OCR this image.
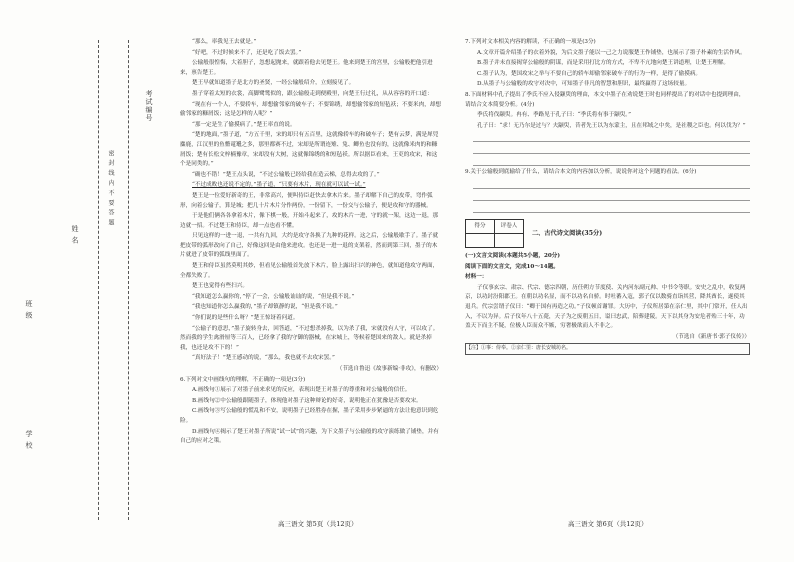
学 校
班 级
姓 名
考试编号
密 封 线 内 不 要 答 题

“那么，率我见王去就是。”

“好吧，不过时候来不了，还是吃了饭去罢。”

公输般很惶悔，大着胆子，忽想起抛来，就跟着他去见楚王。他来到楚王的宫里，公输般把他引进来，禀告楚王。

楚王早就知道墨子是北方的圣贤，一经公输般绍介，立刻接见了。

墨子穿着太短的衣裳，高脚鹭鸶似的，跟公输般走到便殿里，向楚王行过礼，从从容容的开口道：

“现在有一个人，不要轿车，却想偷邻家的破车子；不要锦绣，却想偷邻家的短毡袄；不要米肉，却想偷邻家的糠屑饭；这是怎样的人呢？”

“那一定是生了偷摸病了。”楚王率直的说。

“楚的地面，”墨子道，“方五千里，宋的却只有五百里，这就像轿车的和破车子；楚有云梦，满是犀兕麋鹿，江汉里的鱼鳖鼋鼍之多，那里都赛不过，宋却是所谓连雉、兔、鲫鱼也没有的，这就像米肉的和糠屑饭；楚有长松文梓楠豫章，宋却没有大树，这就像锦绣的和短毡袄。所以据臣看来，王吏的攻宋，和这个是同类的。”

“确也不错！”楚王点头说，“不过公输般已经给我在造云梯，总得去攻的了。”

“不过成败也还说不定的。”墨子道，“只要有木片，现在就可以试一试。”

楚王是一位爱好新奇的王，非常高兴，便叫侍臣赶快去拿木片来。墨子却解下自己的皮带，弯作弧形，向着公输子，算是城；把几十片木片分作两份，一份留下，一份交与公输子，便是攻和守的器械。

于是他们俩各各拿着木片，像下棋一般，开始斗起来了，攻的木片一进，守的就一架，这边一退，那边就一招。不过楚王和侍臣，却一点也看不懂。

只见这样的一进一退，一共有九回，大约是攻守各换了九种的花样。这之后，公输般歇手了。墨子就把皮带的弧形改向了自己，好像这回是由他来进攻。也还是一进一退的支架着，然而到第三回，墨子的木片就进了皮带的弧线里面了。

楚王和侍臣虽然莫明其妙，但看见公输般首先放下木片，脸上露出扫兴的神色，就知道他攻守两面，全都失败了。

楚王也觉得有些扫兴。

“我知道怎么赢你的，”停了一会，公输般讪讪的说，“但是我不说。”

“我也知道你怎么赢我的，”墨子却镇静的说，“但是我不说。”

“你们说的是些什么呀？”楚王惊讶着问道。

“公输子的意思，”墨子旋转身去，回答道，“不过想杀掉我，以为杀了我，宋就没有人守，可以攻了。然而我的学生禽滑厘等三百人，已经拿了我的守御的器械，在宋城上，等候着楚国来的敌人。就是杀掉我，也还是攻不下的！”

“真好法子！”楚王感动的说，“那么，我也就不去攻宋罢。”

（节选自鲁迅《故事新编·非攻》，有删改）

6.下列对文中画线句的理解，不正确的一项是(3分)

A.画线句①展示了对墨子前来求见的反应，表现出楚王对墨子的尊重和对公输般的信任。

B.画线句②中公输般跟随墨子，体现他对墨子这种辩论的好奇，说明他正在犹豫是否要攻宋。

C.画线句③写公输般的慌乱和不安，说明墨子已经胜券在握，墨子采用步步紧逼的方法让他意识到危险。

D.画线句④揭示了楚王对墨子所说“试一试”的兴趣，为下文墨子与公输般的攻守演练做了铺垫，并有自己的应对之策。

7.下列对文本相关内容的解读，不正确的一项是(3分)

A.文章开篇介绍墨子的衣着外貌，为后文墨子能以一己之力说服楚王作铺垫，也展示了墨子朴素的生活作风。

B.墨子并未直接揭穿公输般的阴谋，而是采用打比方的方式，不卑不亢地向楚王讲道理，让楚王理解。

C.墨子认为，楚国攻宋之举与不要自己的轿车却偷邻家破车子的行为一样，是得了偷摸病。

D.从墨子与公输般的攻守对决中，可知墨子非凡的智慧和胆识，最终赢得了这场较量。

8.下面材料中孔子提出了季氏不应入侵颛臾的理由，本文中墨子在劝说楚王时也同样提出了的对话中也提到理由，请结合文本简要分析。(4分)

季氏将伐颛臾。冉有、季路见于孔子曰：“季氏将有事于颛臾。”

孔子曰：“求！无乃尔是过与？夫颛臾，昔者先王以为东蒙主，且在邦域之中矣，是社稷之臣也。何以伐为？”

9.关于公输般到底输给了什么，请结合本文的内容加以分析，说说你对这个问题的看法。(6分)

得分	评卷人

二、古代诗文阅读(35分)

(一)文言文阅读(本题共5小题，20分)

阅读下面的文言文，完成10～14题。

材料一：

子仪事玄宗、肃宗、代宗、德宗四朝，历任朔方节度使、关内河东副元帅、中书令等职。安史之乱中，收复两京，以功封汾阳郡王。在朝以功名显，而不以功名自骄。时吐蕃入寇，郭子仪以数骑直诣其营，降其酋长，遂使其退兵。代宗尝谓子仪曰：“卿于国有再造之功。”子仪顿首谢罪。大历中，子仪所居第在亲仁里，其中门常开，任人出入，不以为异。后子仪年八十五薨，天子为之废朝五日，谥曰忠武，陪葬建陵。天下以其身为安危者殆三十年，功盖天下而主不疑，位极人臣而众不嫉，穷奢极欲而人不非之。

（节选自《新唐书·郭子仪传》）

【注】①事：侍奉。②亲仁里：唐长安城坊名。

高三语文 第5页（共12页）	高三语文 第6页（共12页）
